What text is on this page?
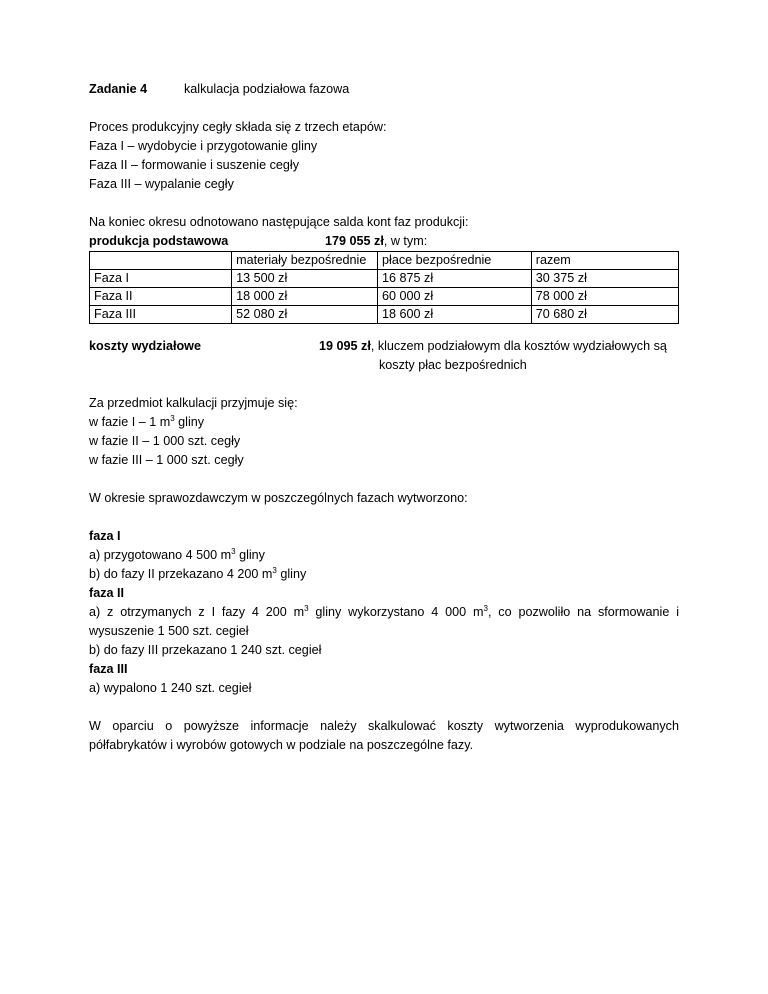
Zadanie 4	kalkulacja podziałowa fazowa

Proces produkcyjny cegły składa się z trzech etapów:

Faza I – wydobycie i przygotowanie gliny

Faza II – formowanie i suszenie cegły

Faza III – wypalanie cegły

Na koniec okresu odnotowano następujące salda kont faz produkcji:

produkcja podstawowa	179 055 zł, w tym:
	materiały bezpośrednie	płace bezpośrednie	razem
Faza I	13 500 zł	16 875 zł	30 375 zł
Faza II	18 000 zł	60 000 zł	78 000 zł
Faza III	52 080 zł	18 600 zł	70 680 zł
koszty wydziałowe	19 095 zł, kluczem podziałowym dla kosztów wydziałowych są
koszty płac bezpośrednich

Za przedmiot kalkulacji przyjmuje się:

w fazie I – 1 $m^3$ gliny

w fazie II – 1 000 szt. cegły

w fazie III – 1 000 szt. cegły

W okresie sprawozdawczym w poszczególnych fazach wytworzono:

faza I

a) przygotowano 4 500 $m^3$ gliny

b) do fazy II przekazano 4 200 $m^3$ gliny

faza II

a) z otrzymanych z I fazy 4 200 $m^3$ gliny wykorzystano 4 000 $m^3$, co pozwoliło na sformowanie i wysuszenie 1 500 szt. cegieł

b) do fazy III przekazano 1 240 szt. cegieł

faza III

a) wypalono 1 240 szt. cegieł

W oparciu o powyższe informacje należy skalkulować koszty wytworzenia wyprodukowanych półfabrykatów i wyrobów gotowych w podziale na poszczególne fazy.
